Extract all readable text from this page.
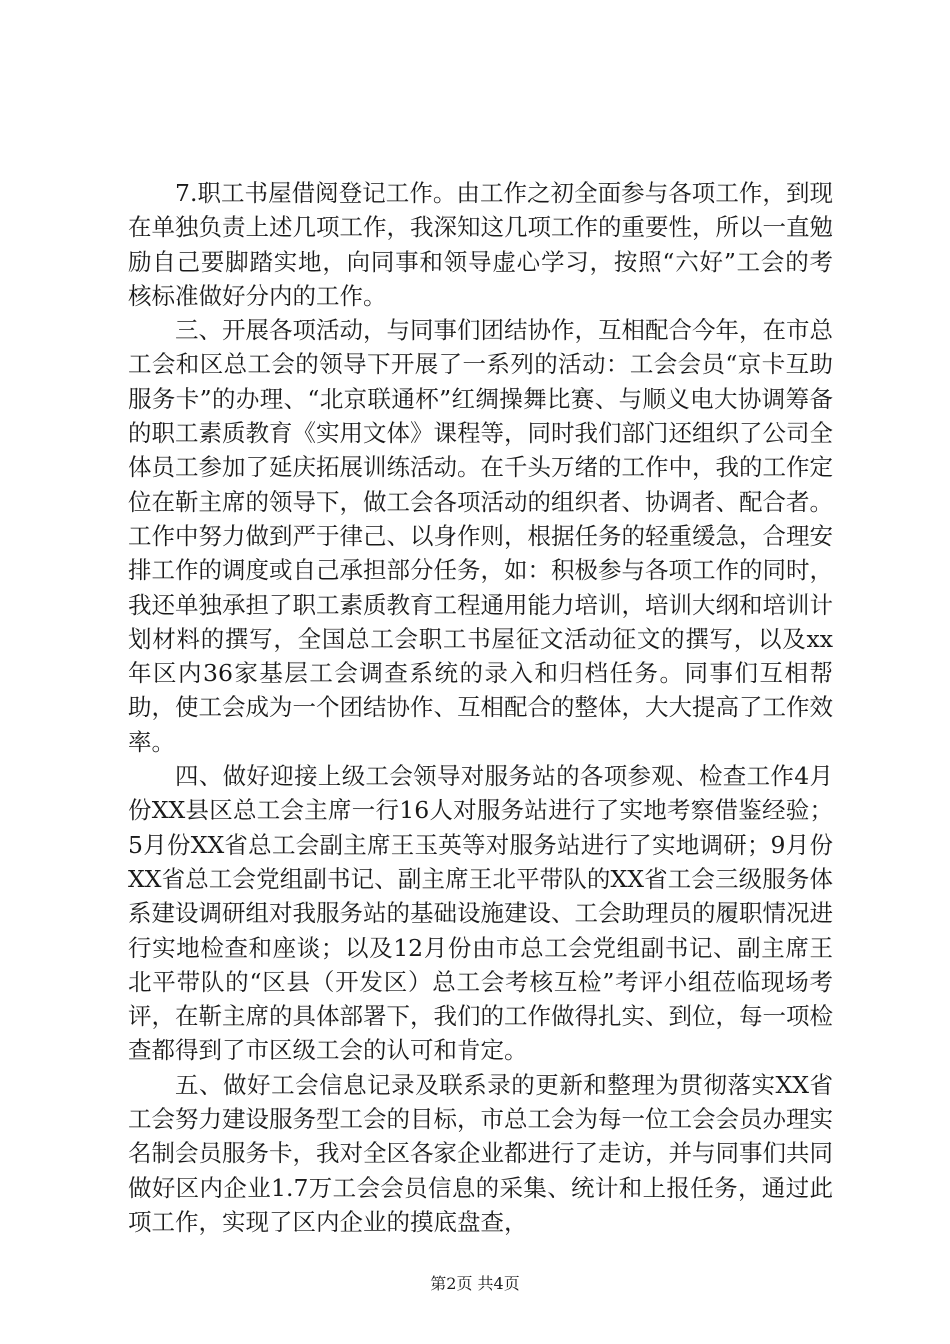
7.职工书屋借阅登记工作。由工作之初全面参与各项工作，到现在单独负责上述几项工作，我深知这几项工作的重要性，所以一直勉励自己要脚踏实地，向同事和领导虚心学习，按照“六好”工会的考核标准做好分内的工作。

三、开展各项活动，与同事们团结协作，互相配合今年，在市总工会和区总工会的领导下开展了一系列的活动：工会会员“京卡互助服务卡”的办理、“北京联通杯”红绸操舞比赛、与顺义电大协调筹备的职工素质教育《实用文体》课程等，同时我们部门还组织了公司全体员工参加了延庆拓展训练活动。在千头万绪的工作中，我的工作定位在靳主席的领导下，做工会各项活动的组织者、协调者、配合者。工作中努力做到严于律己、以身作则，根据任务的轻重缓急，合理安排工作的调度或自己承担部分任务，如：积极参与各项工作的同时，我还单独承担了职工素质教育工程通用能力培训，培训大纲和培训计划材料的撰写，全国总工会职工书屋征文活动征文的撰写，以及xx年区内36家基层工会调查系统的录入和归档任务。同事们互相帮助，使工会成为一个团结协作、互相配合的整体，大大提高了工作效率。

四、做好迎接上级工会领导对服务站的各项参观、检查工作4月份XX县区总工会主席一行16人对服务站进行了实地考察借鉴经验；5月份XX省总工会副主席王玉英等对服务站进行了实地调研；9月份XX省总工会党组副书记、副主席王北平带队的XX省工会三级服务体系建设调研组对我服务站的基础设施建设、工会助理员的履职情况进行实地检查和座谈；以及12月份由市总工会党组副书记、副主席王北平带队的“区县（开发区）总工会考核互检”考评小组莅临现场考评，在靳主席的具体部署下，我们的工作做得扎实、到位，每一项检查都得到了市区级工会的认可和肯定。

五、做好工会信息记录及联系录的更新和整理为贯彻落实XX省工会努力建设服务型工会的目标，市总工会为每一位工会会员办理实名制会员服务卡，我对全区各家企业都进行了走访，并与同事们共同做好区内企业1.7万工会会员信息的采集、统计和上报任务，通过此项工作，实现了区内企业的摸底盘查，

第2页 共4页
